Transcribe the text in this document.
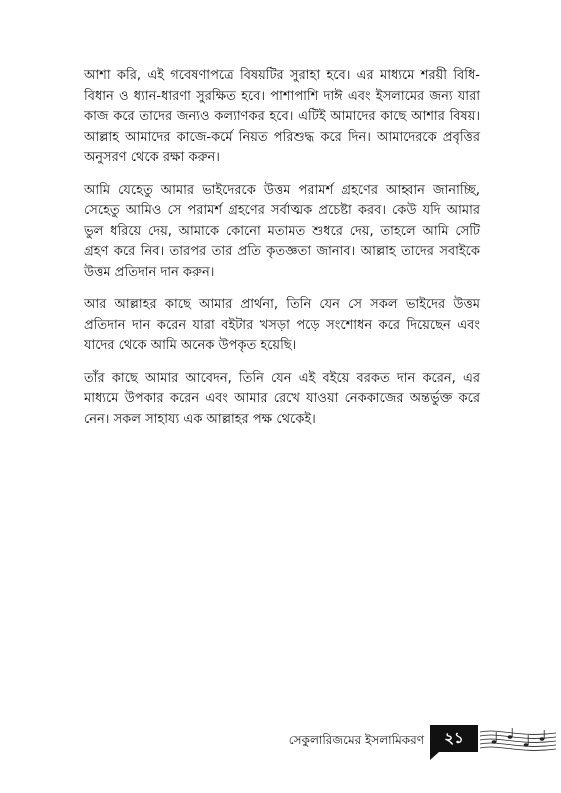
আশা করি, এই গবেষণাপত্রে বিষয়টির সুরাহা হবে। এর মাধ্যমে শরয়ী বিধি-বিধান ও ধ্যান-ধারণা সুরক্ষিত হবে। পাশাপাশি দাঈ এবং ইসলামের জন্য যারা কাজ করে তাদের জন্যও কল্যাণকর হবে। এটিই আমাদের কাছে আশার বিষয়। আল্লাহ আমাদের কাজে-কর্মে নিয়ত পরিশুদ্ধ করে দিন। আমাদেরকে প্রবৃত্তির অনুসরণ থেকে রক্ষা করুন।

আমি যেহেতু আমার ভাইদেরকে উত্তম পরামর্শ গ্রহণের আহ্বান জানাচ্ছি, সেহেতু আমিও সে পরামর্শ গ্রহণের সর্বাত্মক প্রচেষ্টা করব। কেউ যদি আমার ভুল ধরিয়ে দেয়, আমাকে কোনো মতামত শুধরে দেয়, তাহলে আমি সেটি গ্রহণ করে নিব। তারপর তার প্রতি কৃতজ্ঞতা জানাব। আল্লাহ তাদের সবাইকে উত্তম প্রতিদান দান করুন।

আর আল্লাহর কাছে আমার প্রার্থনা, তিনি যেন সে সকল ভাইদের উত্তম প্রতিদান দান করেন যারা বইটার খসড়া পড়ে সংশোধন করে দিয়েছেন এবং যাদের থেকে আমি অনেক উপকৃত হয়েছি।

তাঁর কাছে আমার আবেদন, তিনি যেন এই বইয়ে বরকত দান করেন, এর মাধ্যমে উপকার করেন এবং আমার রেখে যাওয়া নেককাজের অন্তর্ভুক্ত করে নেন। সকল সাহায্য এক আল্লাহর পক্ষ থেকেই।

সেকুলারিজমের ইসলামিকরণ	২১
